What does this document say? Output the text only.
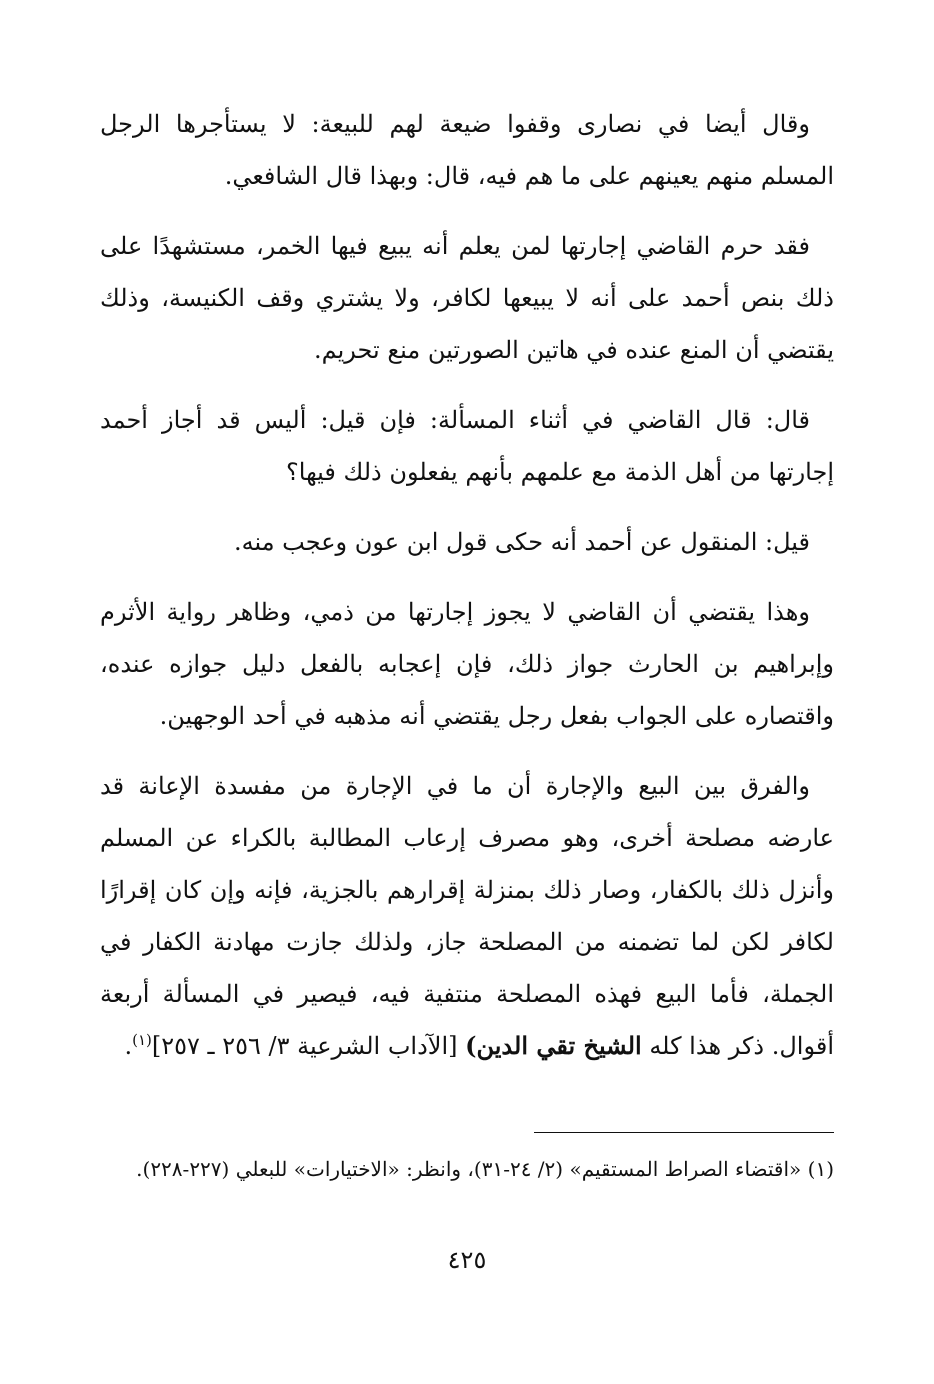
وقال أيضا في نصارى وقفوا ضيعة لهم للبيعة: لا يستأجرها الرجل المسلم منهم يعينهم على ما هم فيه، قال: وبهذا قال الشافعي.

فقد حرم القاضي إجارتها لمن يعلم أنه يبيع فيها الخمر، مستشهدًا على ذلك بنص أحمد على أنه لا يبيعها لكافر، ولا يشتري وقف الكنيسة، وذلك يقتضي أن المنع عنده في هاتين الصورتين منع تحريم.

قال: قال القاضي في أثناء المسألة: فإن قيل: أليس قد أجاز أحمد إجارتها من أهل الذمة مع علمهم بأنهم يفعلون ذلك فيها؟

قيل: المنقول عن أحمد أنه حكى قول ابن عون وعجب منه.

وهذا يقتضي أن القاضي لا يجوز إجارتها من ذمي، وظاهر رواية الأثرم وإبراهيم بن الحارث جواز ذلك، فإن إعجابه بالفعل دليل جوازه عنده، واقتصاره على الجواب بفعل رجل يقتضي أنه مذهبه في أحد الوجهين.

والفرق بين البيع والإجارة أن ما في الإجارة من مفسدة الإعانة قد عارضه مصلحة أخرى، وهو مصرف إرعاب المطالبة بالكراء عن المسلم وأنزل ذلك بالكفار، وصار ذلك بمنزلة إقرارهم بالجزية، فإنه وإن كان إقرارًا لكافر لكن لما تضمنه من المصلحة جاز، ولذلك جازت مهادنة الكفار في الجملة، فأما البيع فهذه المصلحة منتفية فيه، فيصير في المسألة أربعة أقوال. ذكر هذا كله الشيخ تقي الدين) [الآداب الشرعية ٣/ ٢٥٦ ـ ٢٥٧]$^{(١)}$.

(١) «اقتضاء الصراط المستقيم» (٢/ ٢٤-٣١)، وانظر: «الاختيارات» للبعلي (٢٢٧-٢٢٨).
٤٢٥
